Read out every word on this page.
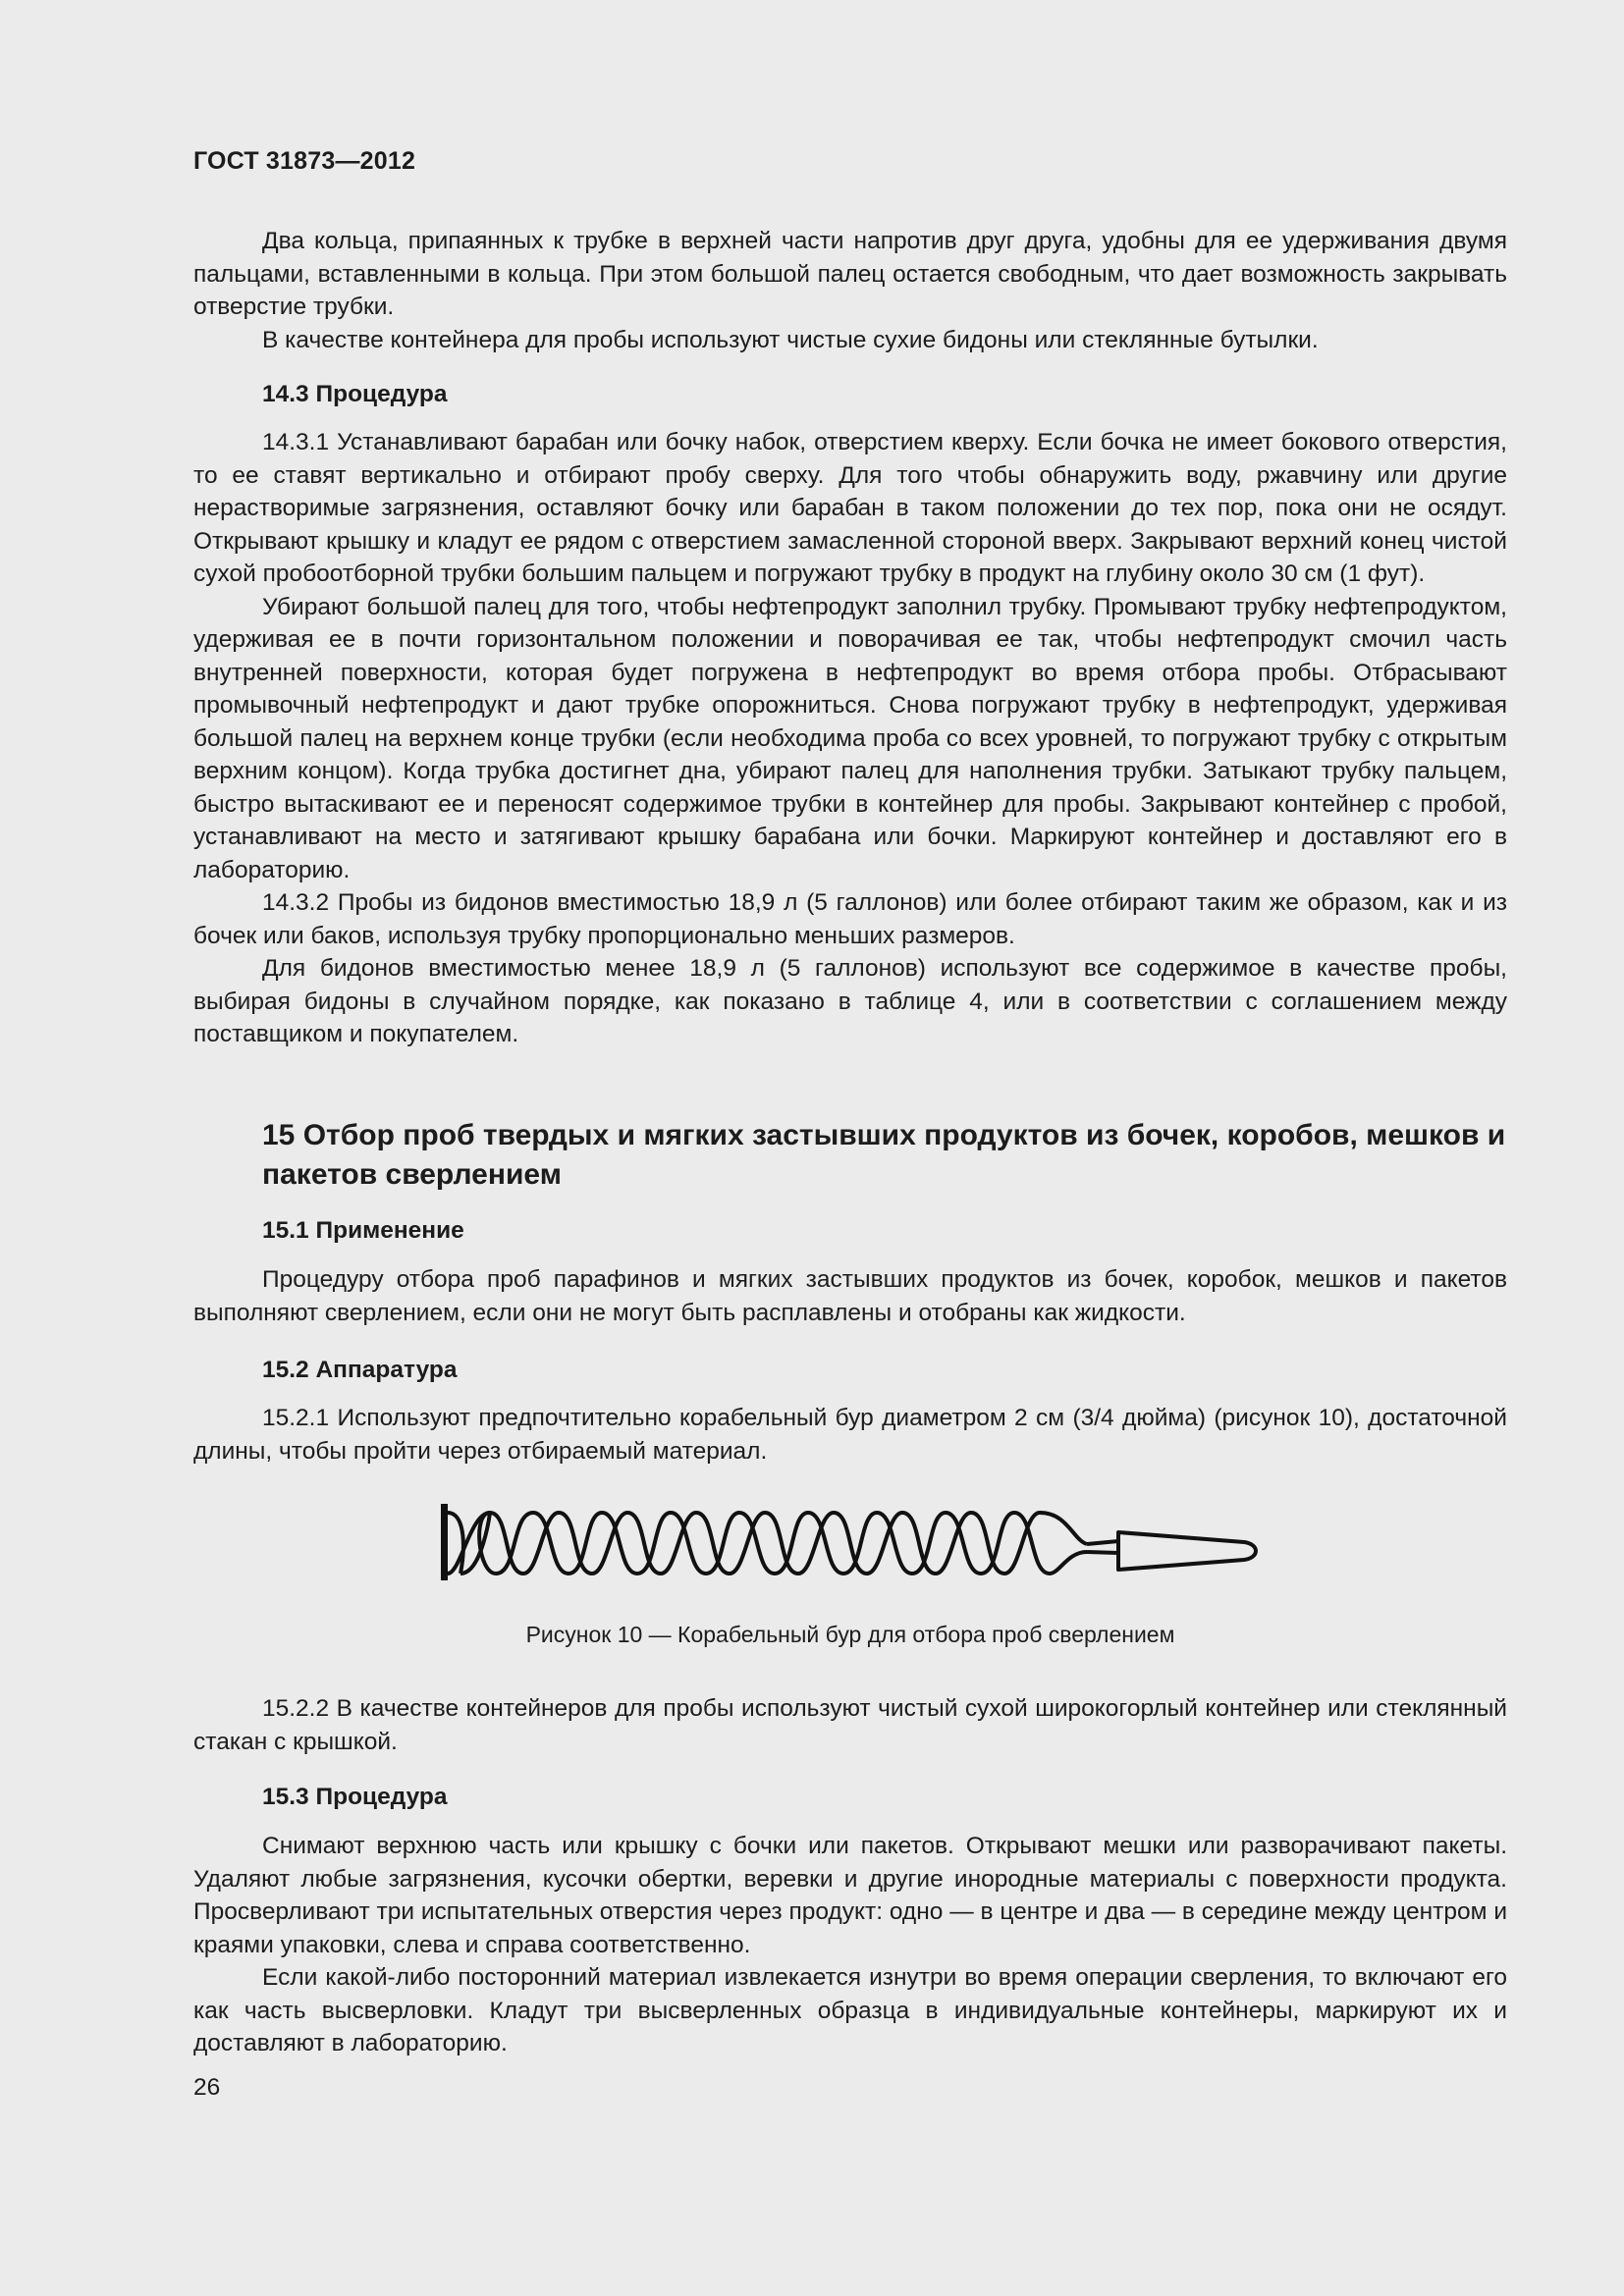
ГОСТ 31873—2012

Два кольца, припаянных к трубке в верхней части напротив друг друга, удобны для ее удерживания двумя пальцами, вставленными в кольца. При этом большой палец остается свободным, что дает возможность закрывать отверстие трубки.

В качестве контейнера для пробы используют чистые сухие бидоны или стеклянные бутылки.

14.3 Процедура

14.3.1 Устанавливают барабан или бочку набок, отверстием кверху. Если бочка не имеет бокового отверстия, то ее ставят вертикально и отбирают пробу сверху. Для того чтобы обнаружить воду, ржавчину или другие нерастворимые загрязнения, оставляют бочку или барабан в таком положении до тех пор, пока они не осядут. Открывают крышку и кладут ее рядом с отверстием замасленной стороной вверх. Закрывают верхний конец чистой сухой пробоотборной трубки большим пальцем и погружают трубку в продукт на глубину около 30 см (1 фут).

Убирают большой палец для того, чтобы нефтепродукт заполнил трубку. Промывают трубку нефтепродуктом, удерживая ее в почти горизонтальном положении и поворачивая ее так, чтобы нефтепродукт смочил часть внутренней поверхности, которая будет погружена в нефтепродукт во время отбора пробы. Отбрасывают промывочный нефтепродукт и дают трубке опорожниться. Снова погружают трубку в нефтепродукт, удерживая большой палец на верхнем конце трубки (если необходима проба со всех уровней, то погружают трубку с открытым верхним концом). Когда трубка достигнет дна, убирают палец для наполнения трубки. Затыкают трубку пальцем, быстро вытаскивают ее и переносят содержимое трубки в контейнер для пробы. Закрывают контейнер с пробой, устанавливают на место и затягивают крышку барабана или бочки. Маркируют контейнер и доставляют его в лабораторию.

14.3.2 Пробы из бидонов вместимостью 18,9 л (5 галлонов) или более отбирают таким же образом, как и из бочек или баков, используя трубку пропорционально меньших размеров.

Для бидонов вместимостью менее 18,9 л (5 галлонов) используют все содержимое в качестве пробы, выбирая бидоны в случайном порядке, как показано в таблице 4, или в соответствии с соглашением между поставщиком и покупателем.

15 Отбор проб твердых и мягких застывших продуктов из бочек, коробов, мешков и пакетов сверлением
15.1 Применение

Процедуру отбора проб парафинов и мягких застывших продуктов из бочек, коробок, мешков и пакетов выполняют сверлением, если они не могут быть расплавлены и отобраны как жидкости.

15.2 Аппаратура

15.2.1 Используют предпочтительно корабельный бур диаметром 2 см (3/4 дюйма) (рисунок 10), достаточной длины, чтобы пройти через отбираемый материал.

Рисунок 10 — Корабельный бур для отбора проб сверлением

15.2.2 В качестве контейнеров для пробы используют чистый сухой широкогорлый контейнер или стеклянный стакан с крышкой.

15.3 Процедура

Снимают верхнюю часть или крышку с бочки или пакетов. Открывают мешки или разворачивают пакеты. Удаляют любые загрязнения, кусочки обертки, веревки и другие инородные материалы с поверхности продукта. Просверливают три испытательных отверстия через продукт: одно — в центре и два — в середине между центром и краями упаковки, слева и справа соответственно.

Если какой-либо посторонний материал извлекается изнутри во время операции сверления, то включают его как часть высверловки. Кладут три высверленных образца в индивидуальные контейнеры, маркируют их и доставляют в лабораторию.

26
